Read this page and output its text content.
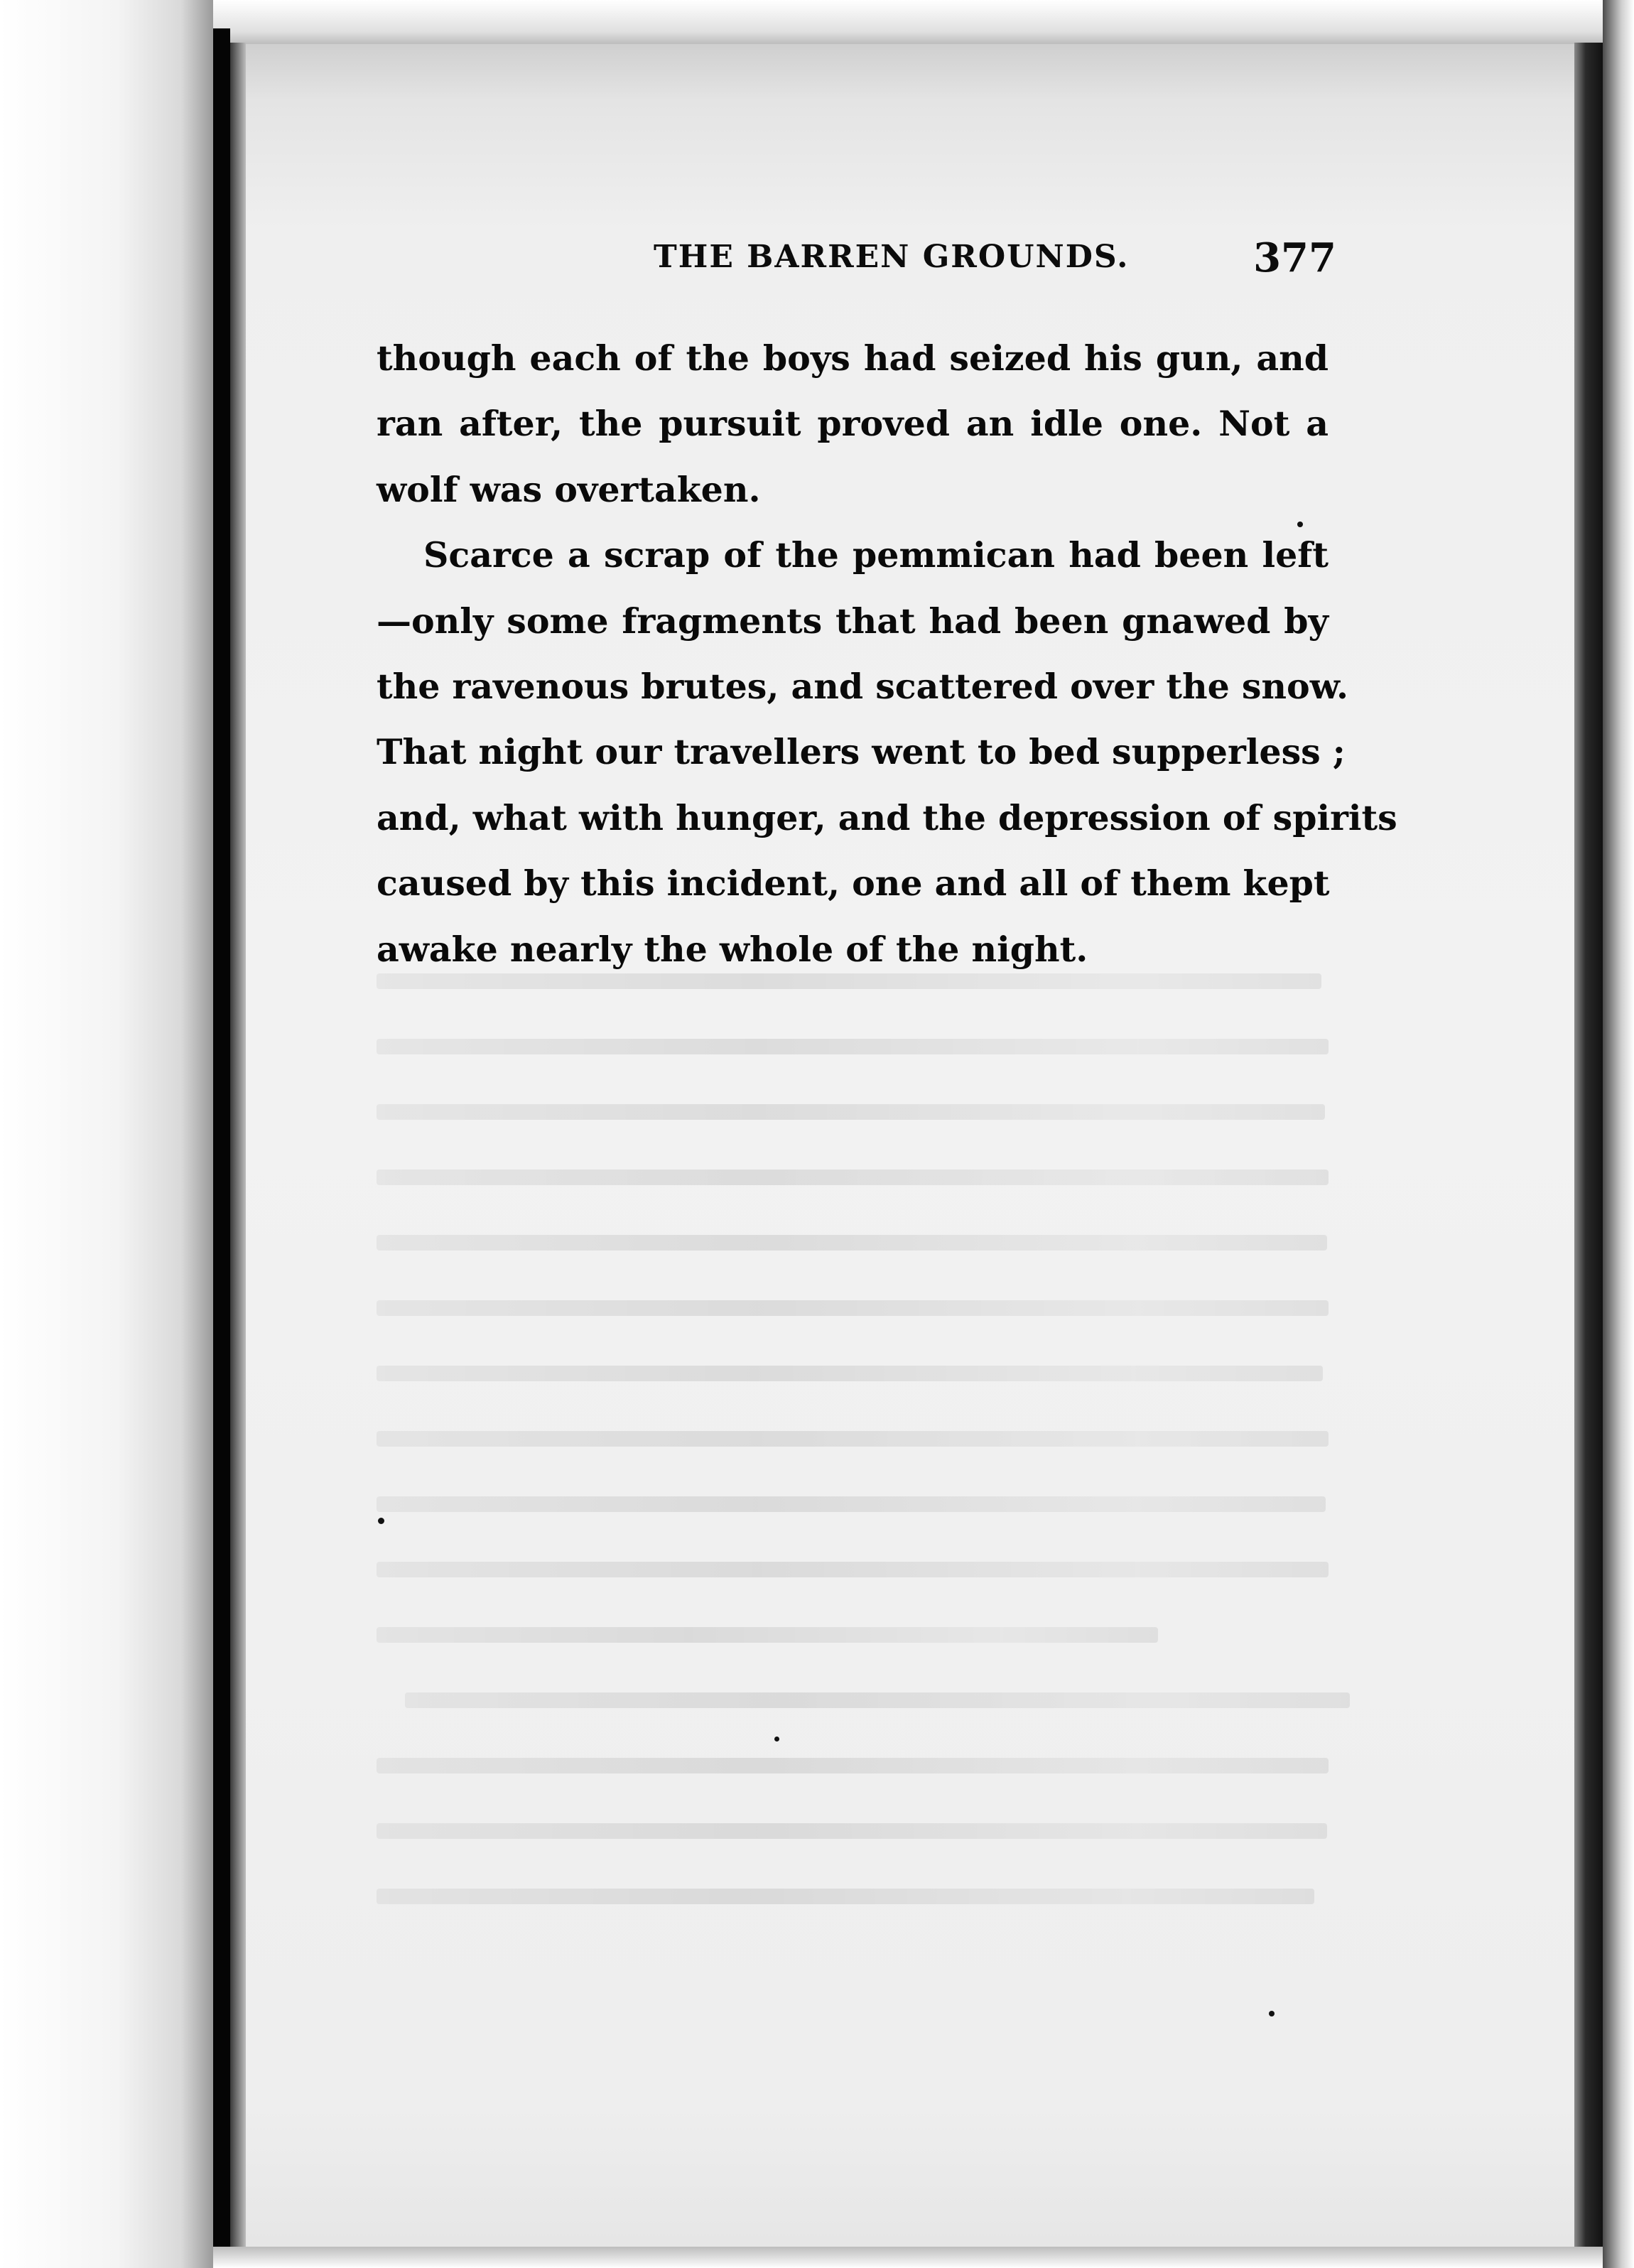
THE BARREN GROUNDS.	377
though each of the boys had seized his gun, and
ran after, the pursuit proved an idle one. Not a
wolf was overtaken.
Scarce a scrap of the pemmican had been left
—only some fragments that had been gnawed by
the ravenous brutes, and scattered over the snow.
That night our travellers went to bed supperless ;
and, what with hunger, and the depression of spirits
caused by this incident, one and all of them kept
awake nearly the whole of the night.
